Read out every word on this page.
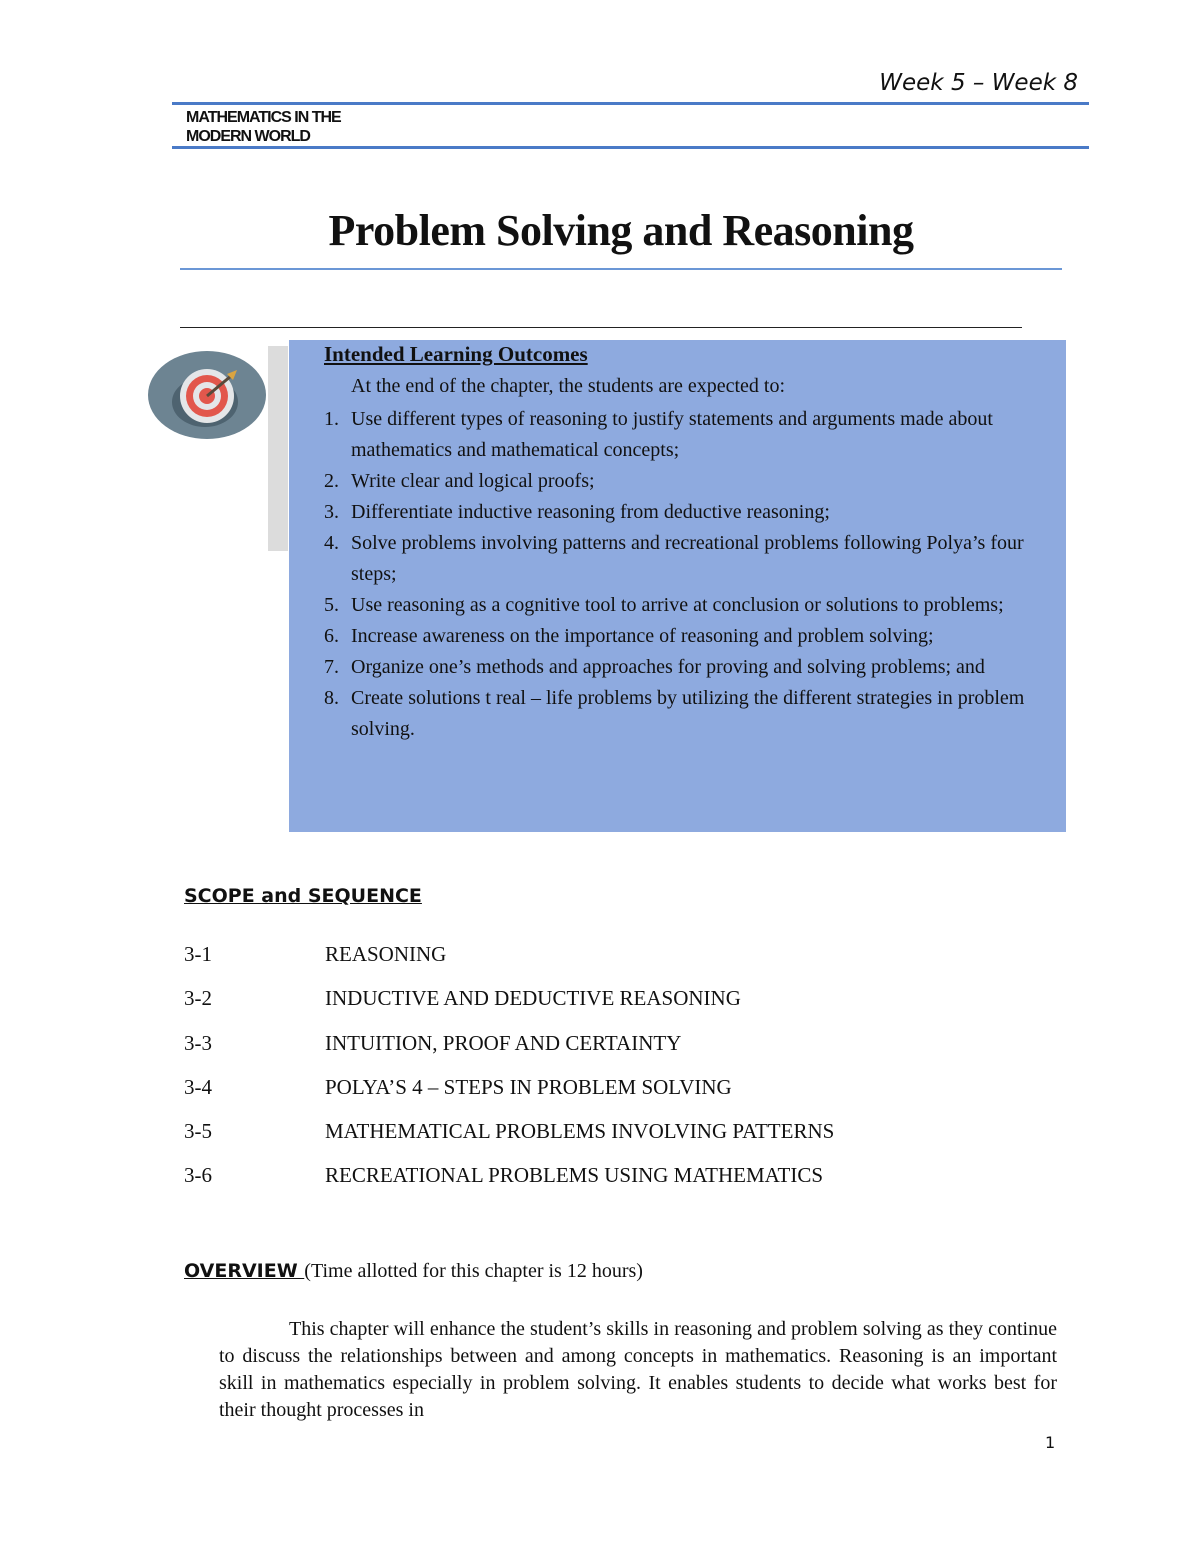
Week 5 – Week 8
MATHEMATICS IN THE
MODERN WORLD
Problem Solving and Reasoning
Intended Learning Outcomes
At the end of the chapter, the students are expected to:
1. Use different types of reasoning to justify statements and arguments made about mathematics and mathematical concepts;
2. Write clear and logical proofs;
3. Differentiate inductive reasoning from deductive reasoning;
4. Solve problems involving patterns and recreational problems following Polya’s four steps;
5. Use reasoning as a cognitive tool to arrive at conclusion or solutions to problems;
6. Increase awareness on the importance of reasoning and problem solving;
7. Organize one’s methods and approaches for proving and solving problems; and
8. Create solutions t real – life problems by utilizing the different strategies in problem solving.
SCOPE and SEQUENCE
3-1	REASONING
3-2	INDUCTIVE AND DEDUCTIVE REASONING
3-3	INTUITION, PROOF AND CERTAINTY
3-4	POLYA’S 4 – STEPS IN PROBLEM SOLVING
3-5	MATHEMATICAL PROBLEMS INVOLVING PATTERNS
3-6	RECREATIONAL PROBLEMS USING MATHEMATICS
OVERVIEW (Time allotted for this chapter is 12 hours)
This chapter will enhance the student’s skills in reasoning and problem solving as they continue to discuss the relationships between and among concepts in mathematics. Reasoning is an important skill in mathematics especially in problem solving. It enables students to decide what works best for their thought processes in
1
